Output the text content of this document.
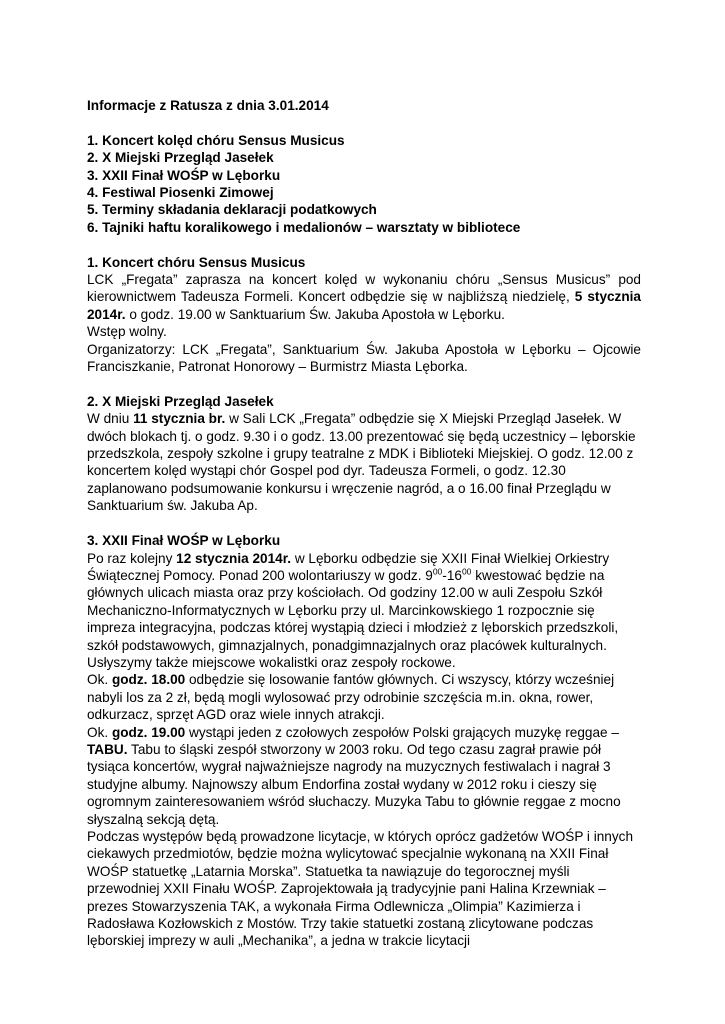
Informacje z Ratusza z dnia 3.01.2014
1. Koncert kolęd chóru Sensus Musicus
2. X Miejski Przegląd Jasełek
3. XXII Finał WOŚP w Lęborku
4. Festiwal Piosenki Zimowej
5. Terminy składania deklaracji podatkowych
6. Tajniki haftu koralikowego i medalionów – warsztaty w bibliotece
1. Koncert chóru Sensus Musicus

LCK „Fregata” zaprasza na koncert kolęd w wykonaniu chóru „Sensus Musicus” pod kierownictwem Tadeusza Formeli. Koncert odbędzie się w najbliższą niedzielę, 5 stycznia 2014r. o godz. 19.00 w Sanktuarium Św. Jakuba Apostoła w Lęborku.

Wstęp wolny.

Organizatorzy: LCK „Fregata”, Sanktuarium Św. Jakuba Apostoła w Lęborku – Ojcowie Franciszkanie, Patronat Honorowy – Burmistrz Miasta Lęborka.

2. X Miejski Przegląd Jasełek

W dniu 11 stycznia br. w Sali LCK „Fregata” odbędzie się X Miejski Przegląd Jasełek. W dwóch blokach tj. o godz. 9.30 i o godz. 13.00 prezentować się będą uczestnicy – lęborskie przedszkola, zespoły szkolne i grupy teatralne z MDK i Biblioteki Miejskiej. O godz. 12.00 z koncertem kolęd wystąpi chór Gospel pod dyr. Tadeusza Formeli, o godz. 12.30 zaplanowano podsumowanie konkursu i wręczenie nagród, a o 16.00 finał Przeglądu w Sanktuarium św. Jakuba Ap.

3. XXII Finał WOŚP w Lęborku

Po raz kolejny 12 stycznia 2014r. w Lęborku odbędzie się XXII Finał Wielkiej Orkiestry Świątecznej Pomocy. Ponad 200 wolontariuszy w godz. $9^{00}-16^{00}$ kwestować będzie na głównych ulicach miasta oraz przy kościołach. Od godziny 12.00 w auli Zespołu Szkół Mechaniczno-Informatycznych w Lęborku przy ul. Marcinkowskiego 1 rozpocznie się impreza integracyjna, podczas której wystąpią dzieci i młodzież z lęborskich przedszkoli, szkół podstawowych, gimnazjalnych, ponadgimnazjalnych oraz placówek kulturalnych. Usłyszymy także miejscowe wokalistki oraz zespoły rockowe.

Ok. godz. 18.00 odbędzie się losowanie fantów głównych. Ci wszyscy, którzy wcześniej nabyli los za 2 zł, będą mogli wylosować przy odrobinie szczęścia m.in. okna, rower, odkurzacz, sprzęt AGD oraz wiele innych atrakcji.

Ok. godz. 19.00 wystąpi jeden z czołowych zespołów Polski grających muzykę reggae – TABU. Tabu to śląski zespół stworzony w 2003 roku. Od tego czasu zagrał prawie pół tysiąca koncertów, wygrał najważniejsze nagrody na muzycznych festiwalach i nagrał 3 studyjne albumy. Najnowszy album Endorfina został wydany w 2012 roku i cieszy się ogromnym zainteresowaniem wśród słuchaczy. Muzyka Tabu to głównie reggae z mocno słyszalną sekcją dętą.

Podczas występów będą prowadzone licytacje, w których oprócz gadżetów WOŚP i innych ciekawych przedmiotów, będzie można wylicytować specjalnie wykonaną na XXII Finał WOŚP statuetkę „Latarnia Morska”. Statuetka ta nawiązuje do tegorocznej myśli przewodniej XXII Finału WOŚP. Zaprojektowała ją tradycyjnie pani Halina Krzewniak – prezes Stowarzyszenia TAK, a wykonała Firma Odlewnicza „Olimpia” Kazimierza i Radosława Kozłowskich z Mostów. Trzy takie statuetki zostaną zlicytowane podczas lęborskiej imprezy w auli „Mechanika”, a jedna w trakcie licytacji
